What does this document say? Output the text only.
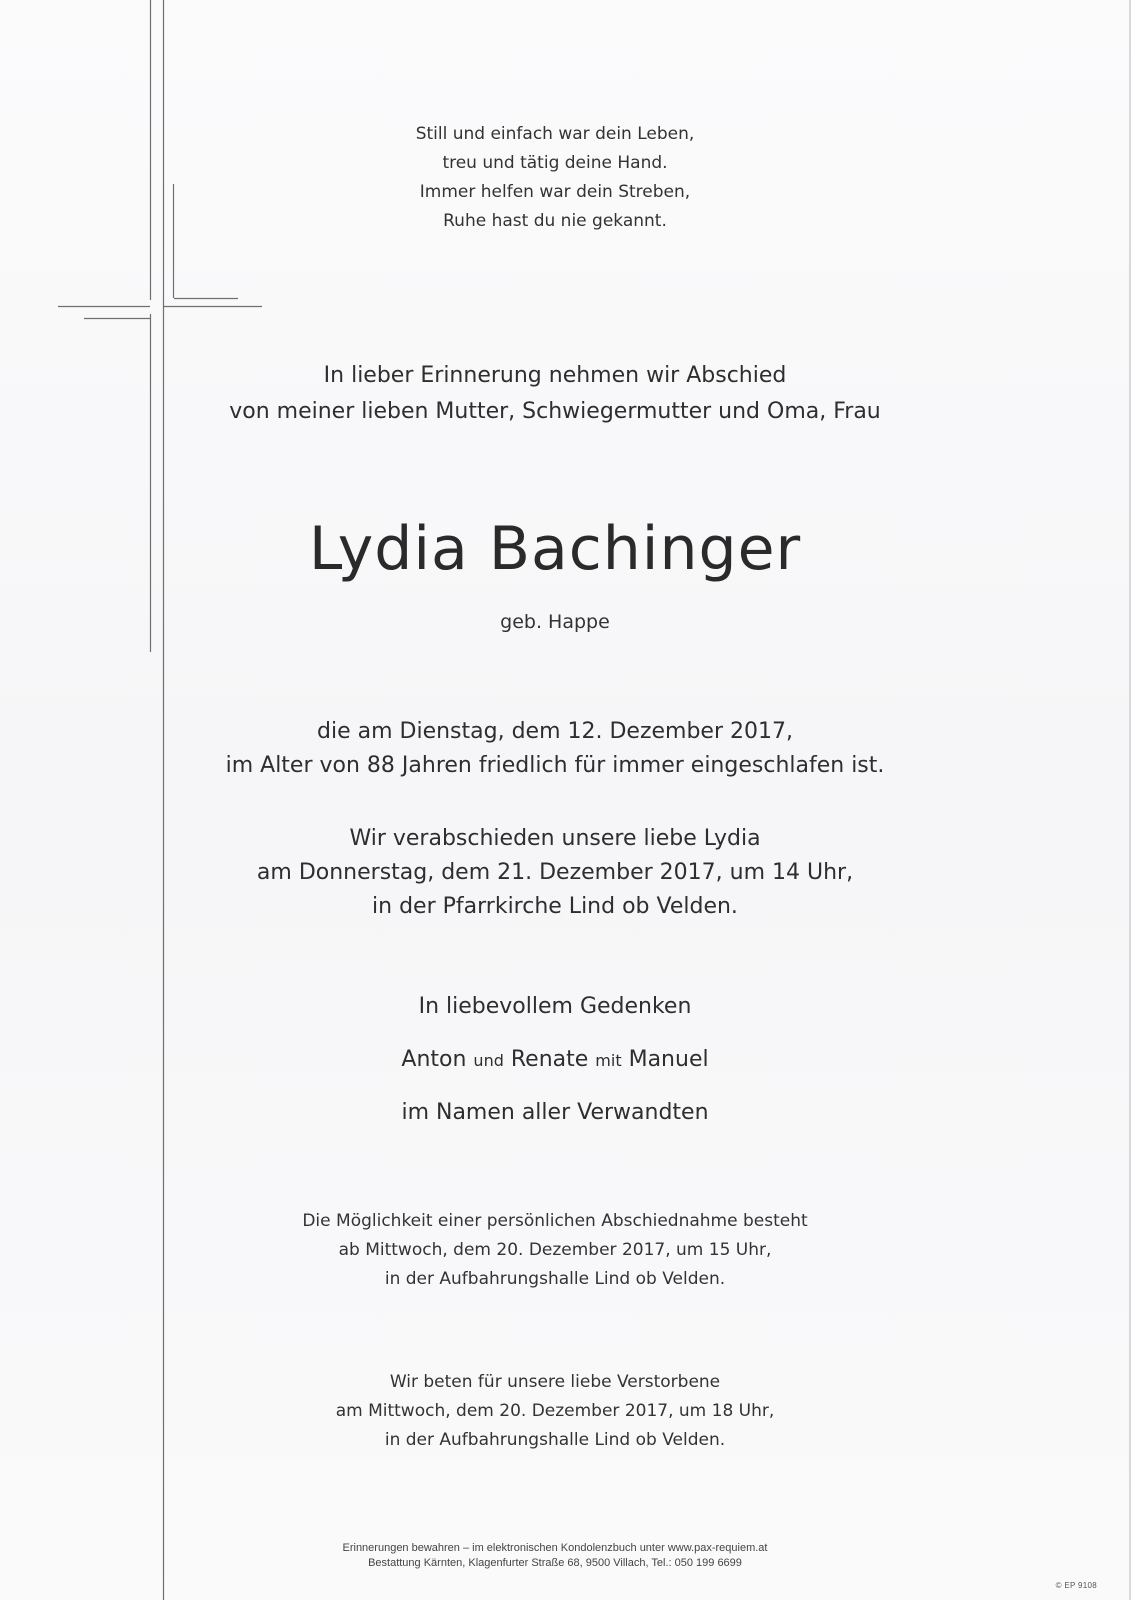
Still und einfach war dein Leben,
treu und tätig deine Hand.
Immer helfen war dein Streben,
Ruhe hast du nie gekannt.
In lieber Erinnerung nehmen wir Abschied
von meiner lieben Mutter, Schwiegermutter und Oma, Frau
Lydia Bachinger
geb. Happe
die am Dienstag, dem 12. Dezember 2017,
im Alter von 88 Jahren friedlich für immer eingeschlafen ist.
Wir verabschieden unsere liebe Lydia
am Donnerstag, dem 21. Dezember 2017, um 14 Uhr,
in der Pfarrkirche Lind ob Velden.
In liebevollem Gedenken
Anton und Renate mit Manuel
im Namen aller Verwandten
Die Möglichkeit einer persönlichen Abschiednahme besteht
ab Mittwoch, dem 20. Dezember 2017, um 15 Uhr,
in der Aufbahrungshalle Lind ob Velden.
Wir beten für unsere liebe Verstorbene
am Mittwoch, dem 20. Dezember 2017, um 18 Uhr,
in der Aufbahrungshalle Lind ob Velden.
Erinnerungen bewahren – im elektronischen Kondolenzbuch unter www.pax-requiem.at
Bestattung Kärnten, Klagenfurter Straße 68, 9500 Villach, Tel.: 050 199 6699
© EP 9108
